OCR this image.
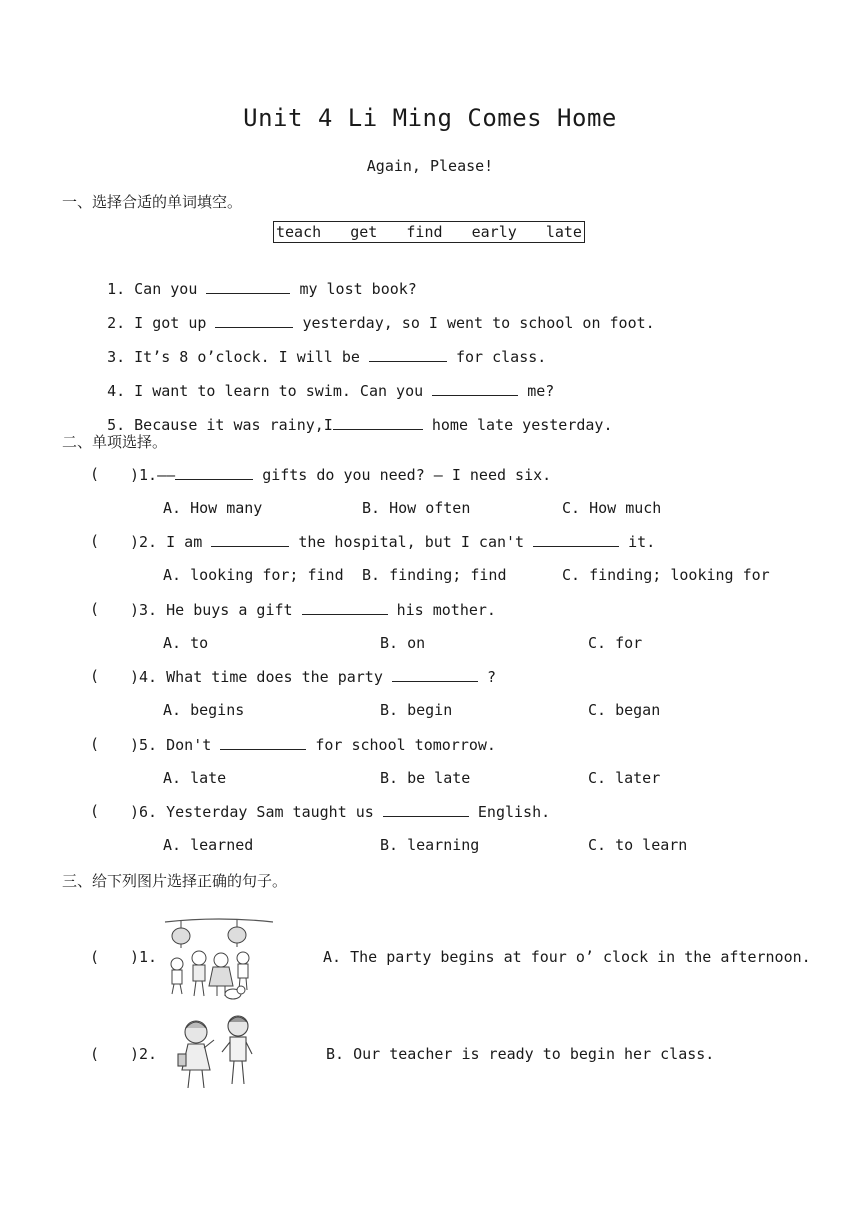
Unit 4 Li Ming Comes Home
Again, Please!
一、选择合适的单词填空。
teach get find early late

1. Can you	my lost book?

2. I got up	yesterday, so I went to school on foot.

3. It’s 8 o’clock. I will be	for class.

4. I want to learn to swim. Can you	me?

5. Because it was rainy,I	home late yesterday.

二、单项选择。
( )1.——	gifts do you need? — I need six.
A. How many	B. How often	C. How much
( )2. I am	the hospital, but I can't	it.
A. looking for; find B. finding; find	C. finding; looking for
( )3. He buys a gift	his mother.
A. to	B. on	C. for
( )4. What time does the party	?
A. begins	B. begin	C. began
( )5. Don't	for school tomorrow.
A. late	B. be late	C. later
( )6. Yesterday Sam taught us	English.
A. learned	B. learning	C. to learn
三、给下列图片选择正确的句子。
( )1.	A. The party begins at four o’ clock in the afternoon.
( )2.	B. Our teacher is ready to begin her class.
